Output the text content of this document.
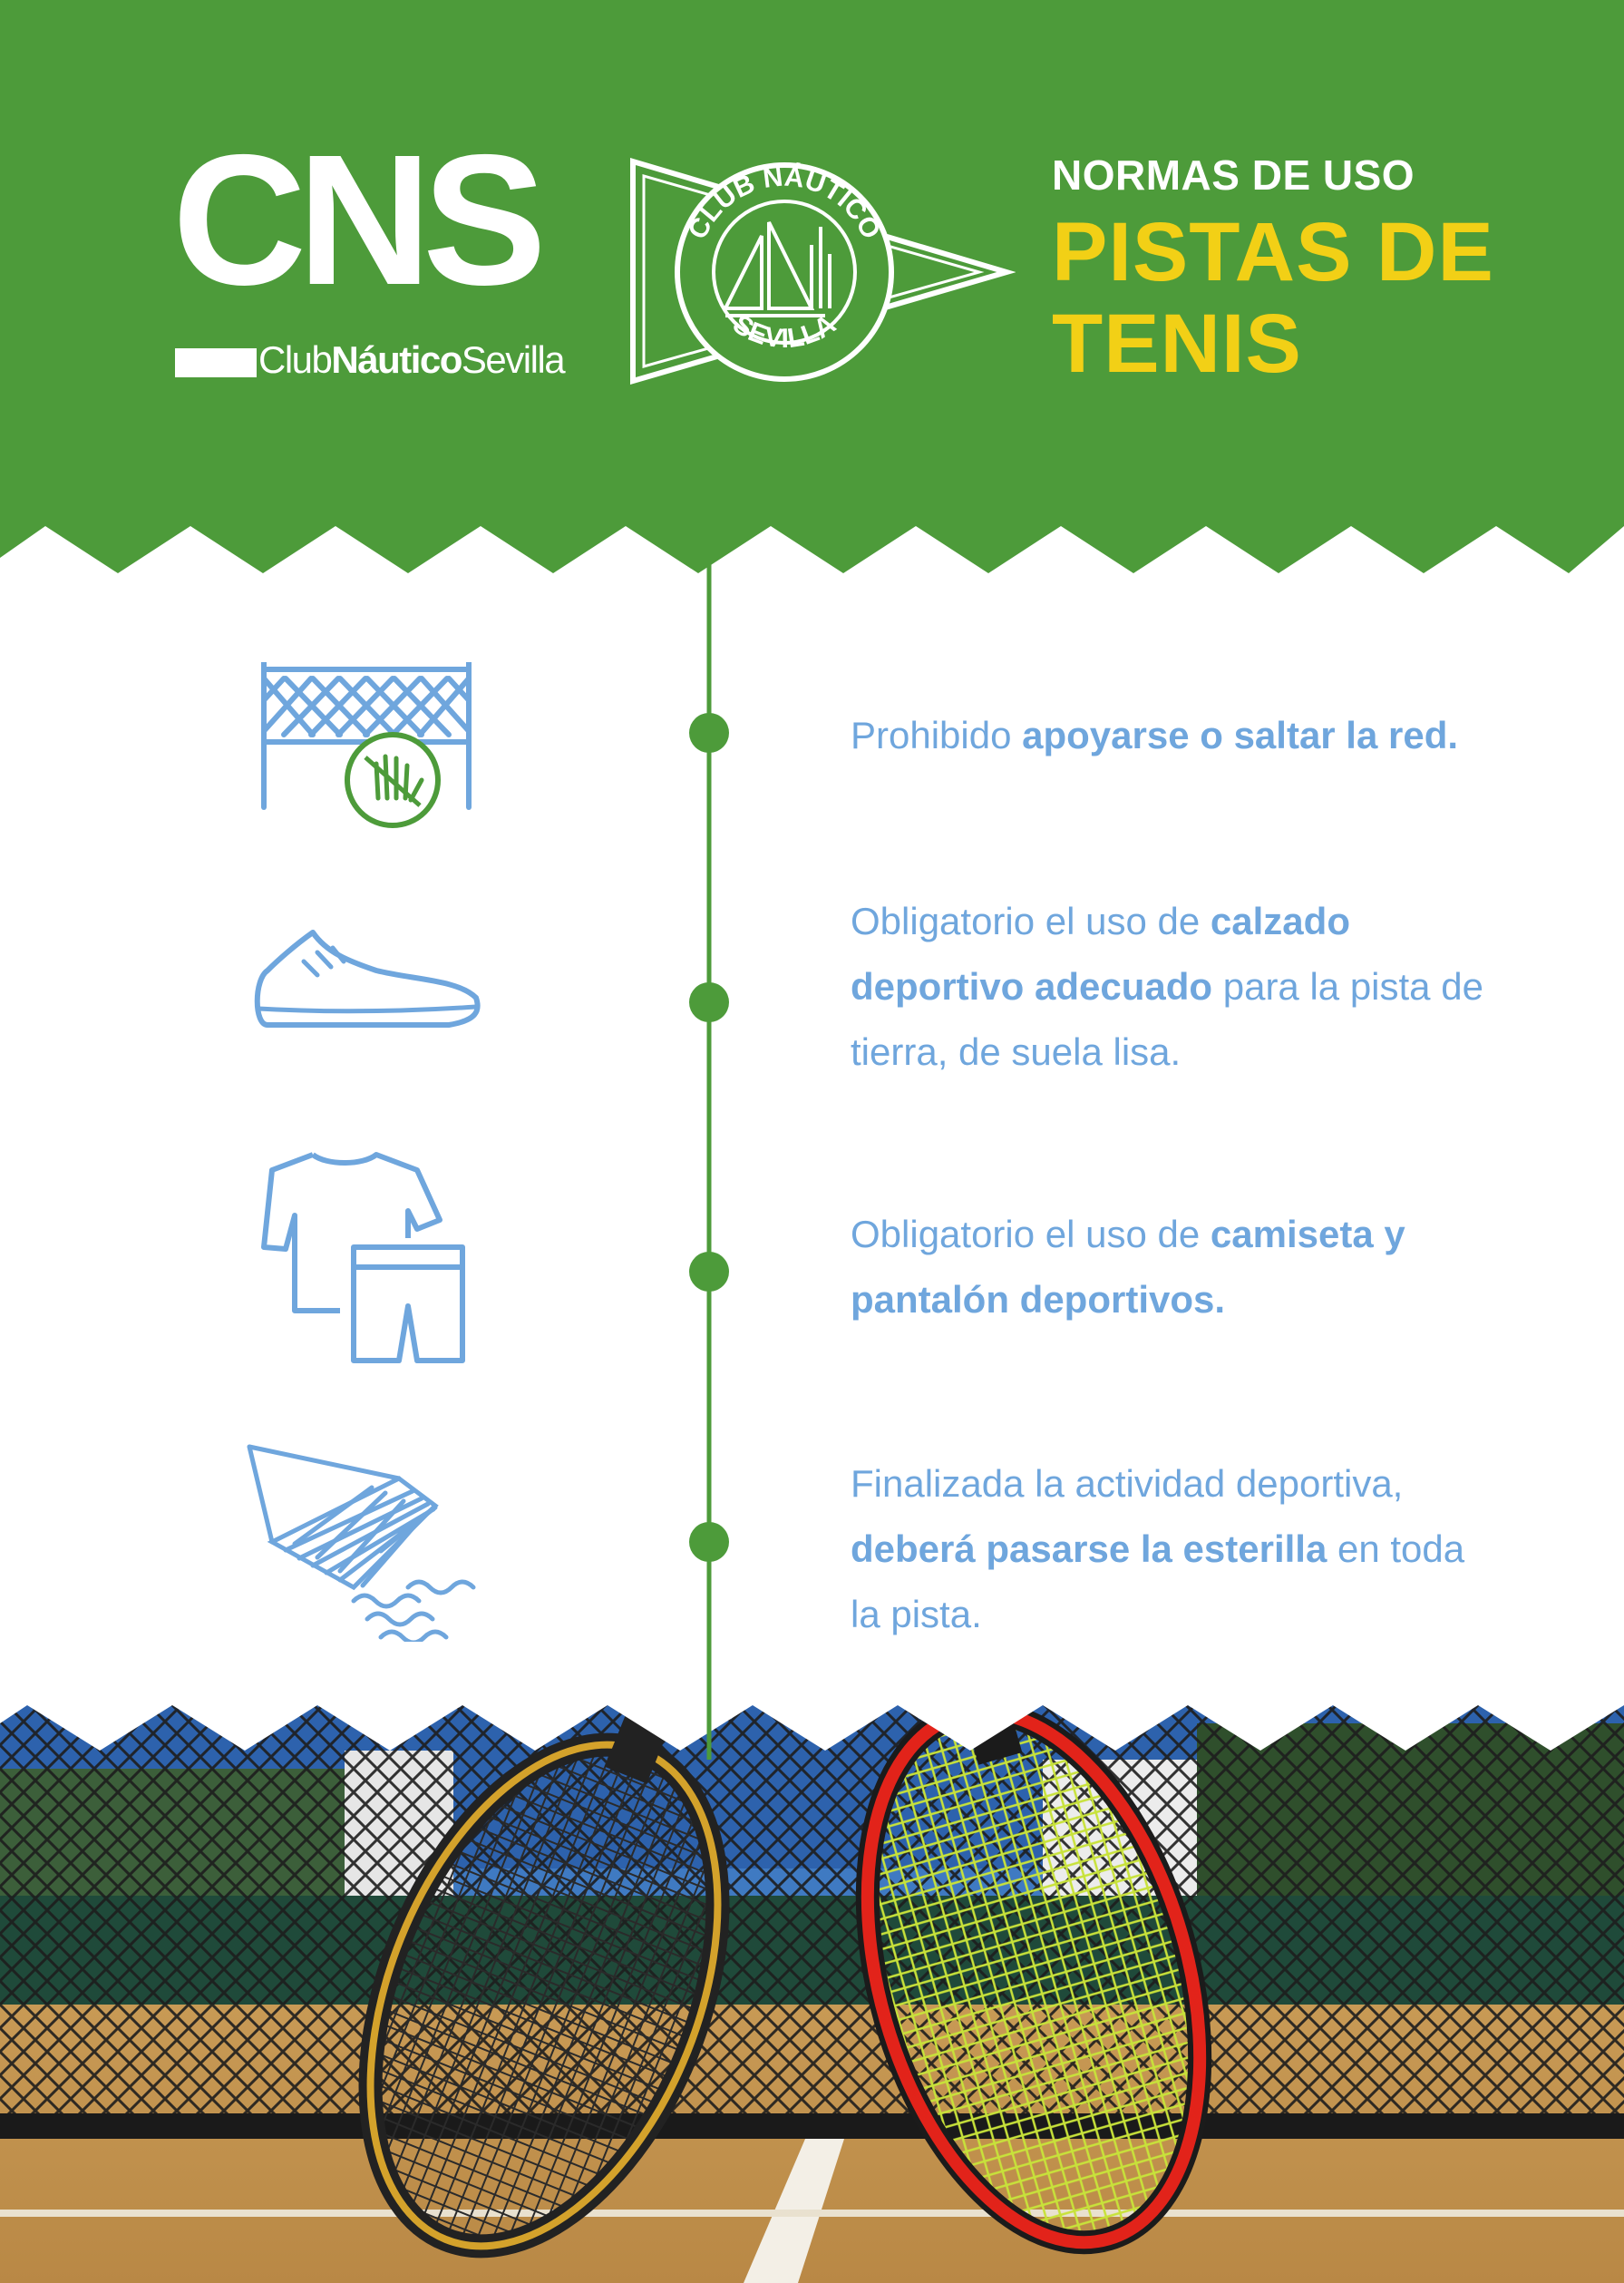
CNS
ClubNáuticoSevilla
CLUB NÁUTICO
SEVILLA
NORMAS DE USO
PISTAS DE
TENIS
Prohibido apoyarse o saltar la red.
Obligatorio el uso de calzado deportivo adecuado para la pista de tierra, de suela lisa.
Obligatorio el uso de camiseta y pantalón deportivos.
Finalizada la actividad deportiva, deberá pasarse la esterilla en toda la pista.
